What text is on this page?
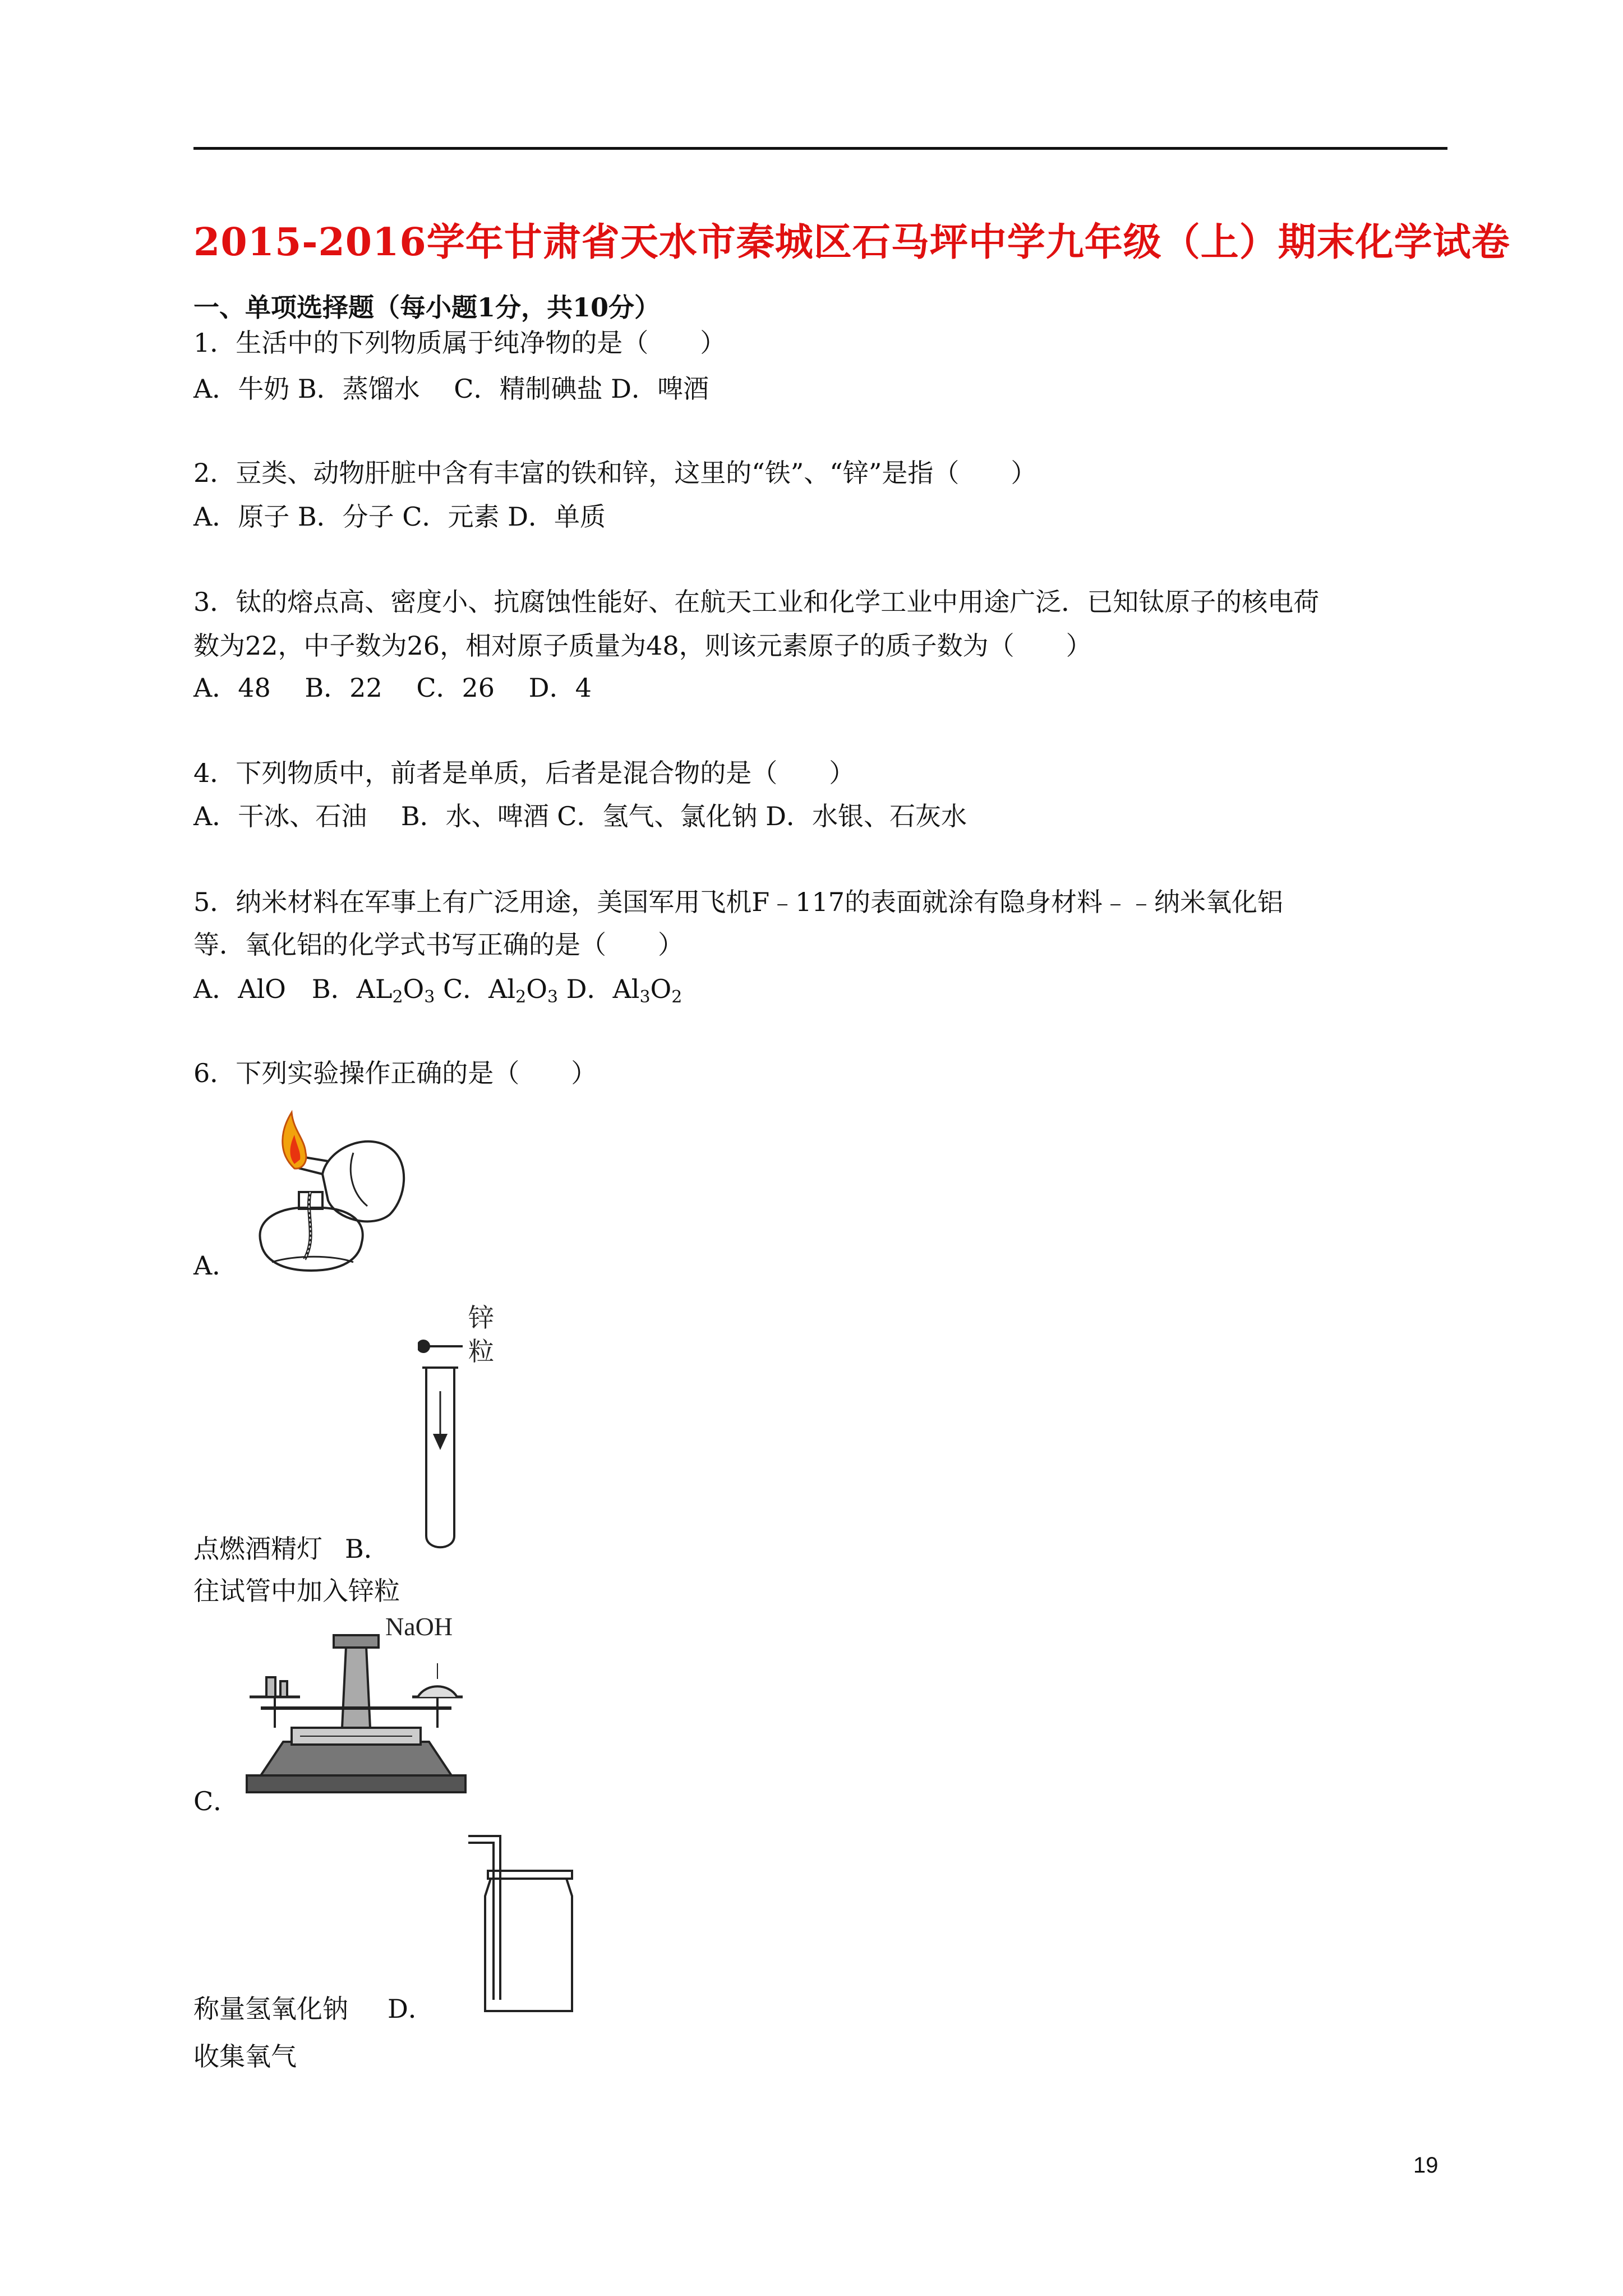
2015-2016学年甘肃省天水市秦城区石马坪中学九年级（上）期末化学试卷
一、单项选择题（每小题1分，共10分）
1．生活中的下列物质属于纯净物的是（　　）
A．牛奶 B．蒸馏水　 C．精制碘盐 D．啤酒
2．豆类、动物肝脏中含有丰富的铁和锌，这里的“铁”、“锌”是指（　　）
A．原子 B．分子 C．元素 D．单质
3．钛的熔点高、密度小、抗腐蚀性能好、在航天工业和化学工业中用途广泛．已知钛原子的核电荷
数为22，中子数为26，相对原子质量为48，则该元素原子的质子数为（　　）
A．48　 B．22　 C．26　 D．4
4．下列物质中，前者是单质，后者是混合物的是（　　）
A．干冰、石油　 B．水、啤酒 C．氢气、氯化钠 D．水银、石灰水
5．纳米材料在军事上有广泛用途，美国军用飞机F﹣117的表面就涂有隐身材料﹣﹣纳米氧化铝
等．氧化铝的化学式书写正确的是（　　）
A．AlO　B．$AL_2O_3$ C．$Al_2O_3$ D．$Al_3O_2$
6．下列实验操作正确的是（　　）
A．
锌
粒
点燃酒精灯 B．
往试管中加入锌粒
NaOH
C．
称量氢氧化钠 D．
收集氧气
19
